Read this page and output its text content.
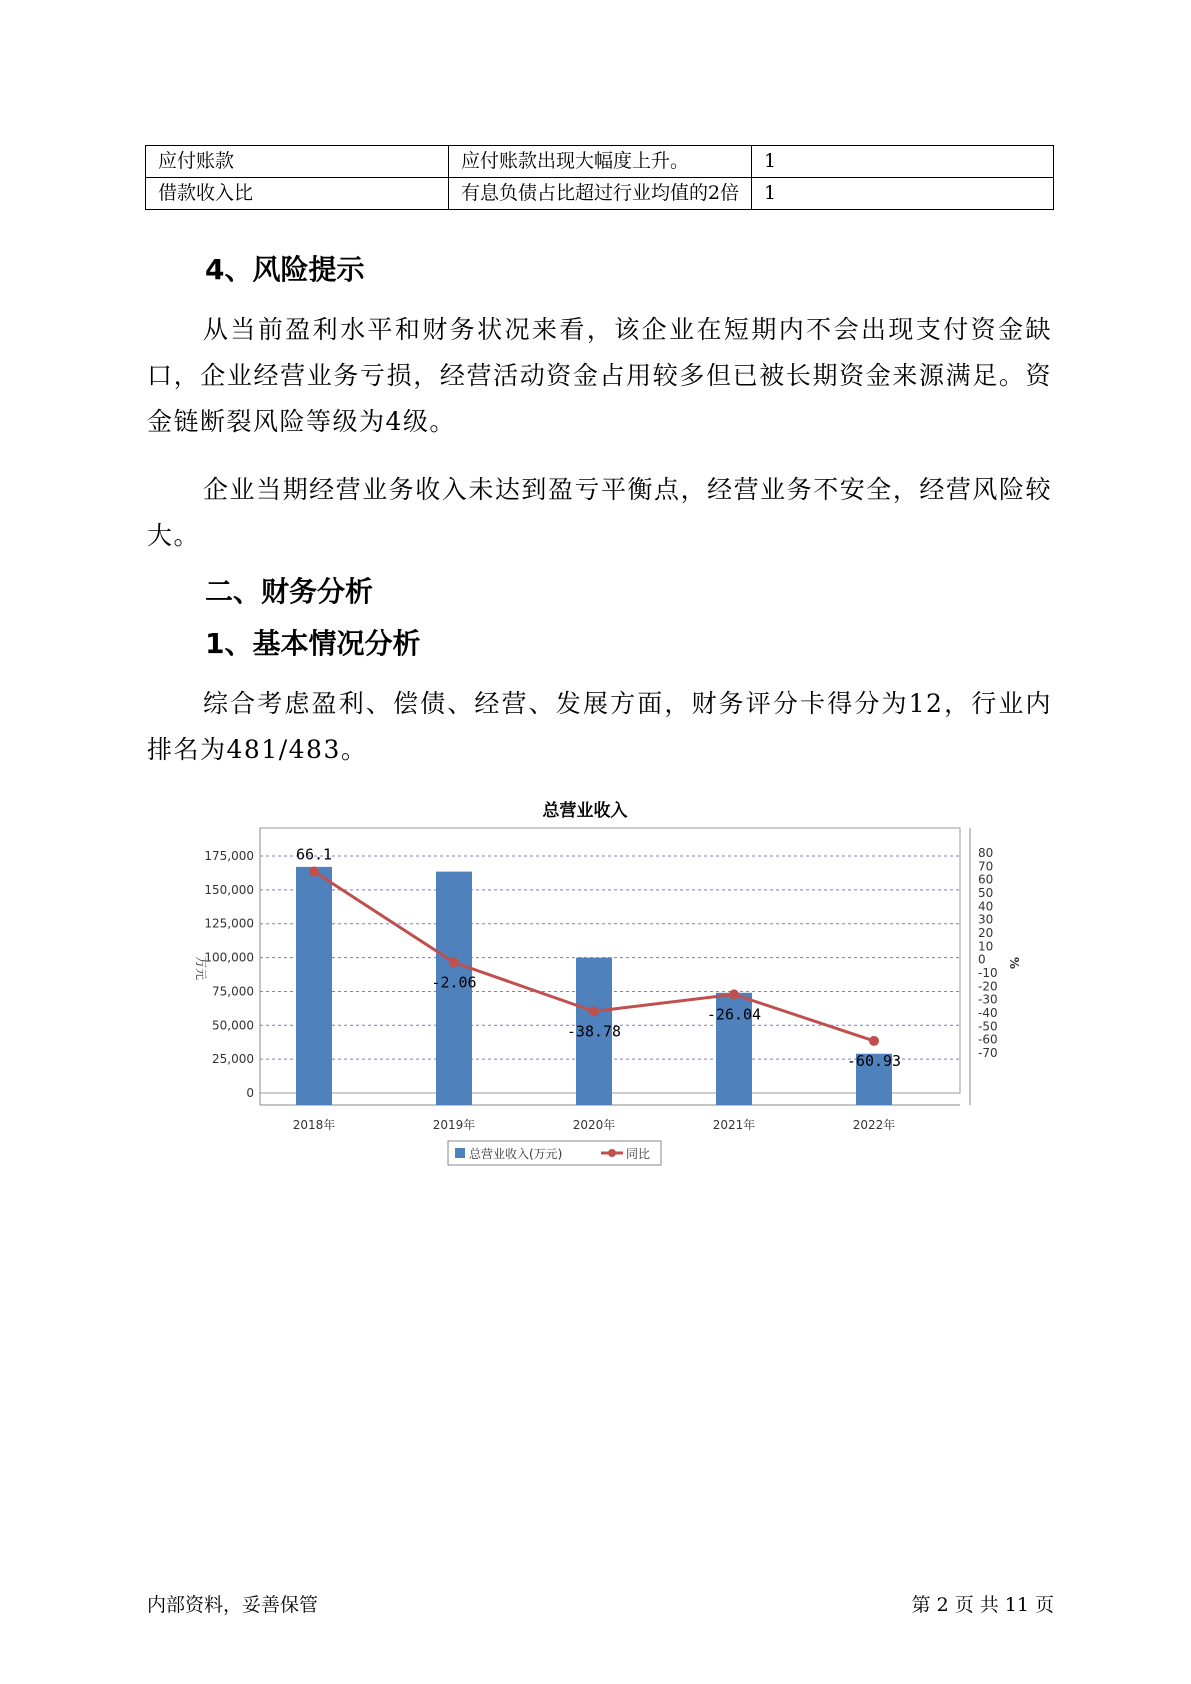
应付账款	应付账款出现大幅度上升。	1
借款收入比	有息负债占比超过行业均值的2倍	1
4、风险提示

从当前盈利水平和财务状况来看，该企业在短期内不会出现支付资金缺口，企业经营业务亏损，经营活动资金占用较多但已被长期资金来源满足。资金链断裂风险等级为4级。

企业当期经营业务收入未达到盈亏平衡点，经营业务不安全，经营风险较大。

二、财务分析
1、基本情况分析

综合考虑盈利、偿债、经营、发展方面，财务评分卡得分为12，行业内排名为481/483。

总营业收入
0
25,000
50,000
75,000
100,000
125,000
150,000
175,000
万元
80
70
60
50
40
30
20
10
0
-10
-20
-30
-40
-50
-60
-70
%
2018年	2019年	2020年	2021年	2022年
66.1
-2.06
-38.78
-26.04
-60.93
总营业收入(万元)	同比
内部资料，妥善保管	第 2 页 共 11 页
